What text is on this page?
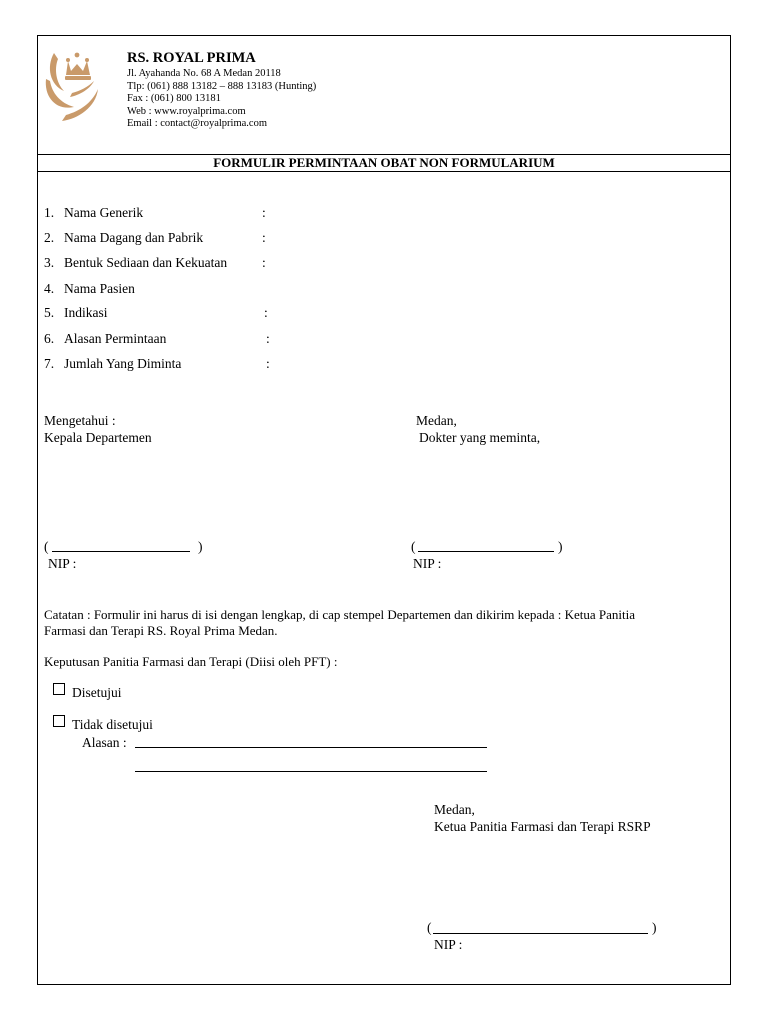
RS. ROYAL PRIMA
Jl. Ayahanda No. 68 A Medan 20118
Tlp: (061) 888 13182 – 888 13183 (Hunting)
Fax : (061) 800 13181
Web : www.royalprima.com
Email : contact@royalprima.com
FORMULIR PERMINTAAN OBAT NON FORMULARIUM
1. Nama Generik	:
2. Nama Dagang dan Pabrik	:
3. Bentuk Sediaan dan Kekuatan	:
4. Nama Pasien
5. Indikasi	:
6. Alasan Permintaan	:
7. Jumlah Yang Diminta	:
Mengetahui :
Kepala Departemen
Medan,
Dokter yang meminta,
(	)
NIP :
(	)
NIP :
Catatan : Formulir ini harus di isi dengan lengkap, di cap stempel Departemen dan dikirim kepada : Ketua Panitia
Farmasi dan Terapi RS. Royal Prima Medan.
Keputusan Panitia Farmasi dan Terapi (Diisi oleh PFT) :
Disetujui
Tidak disetujui
Alasan :
Medan,
Ketua Panitia Farmasi dan Terapi RSRP
(	)
NIP :
